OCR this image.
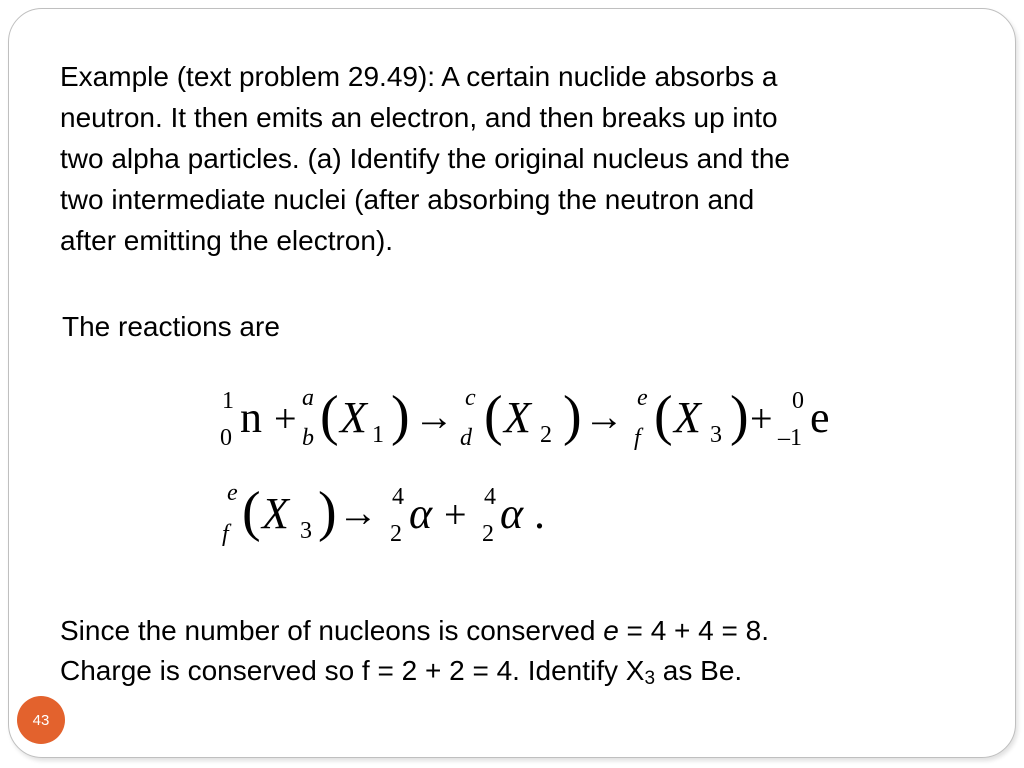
Example (text problem 29.49): A certain nuclide absorbs a
neutron. It then emits an electron, and then breaks up into
two alpha particles. (a) Identify the original nucleus and the
two intermediate nuclei (after absorbing the neutron and
after emitting the electron).

The reactions are

1
0 n + a
b ( X 1 ) → c
d ( X 2 ) → e
f ( X 3 ) + 0
–1 e
e
f ( X 3 ) → 4
2 α + 4
2 α .

Since the number of nucleons is conserved e = 4 + 4 = 8.
Charge is conserved so f = 2 + 2 = 4. Identify $X_3$ as Be.

43
